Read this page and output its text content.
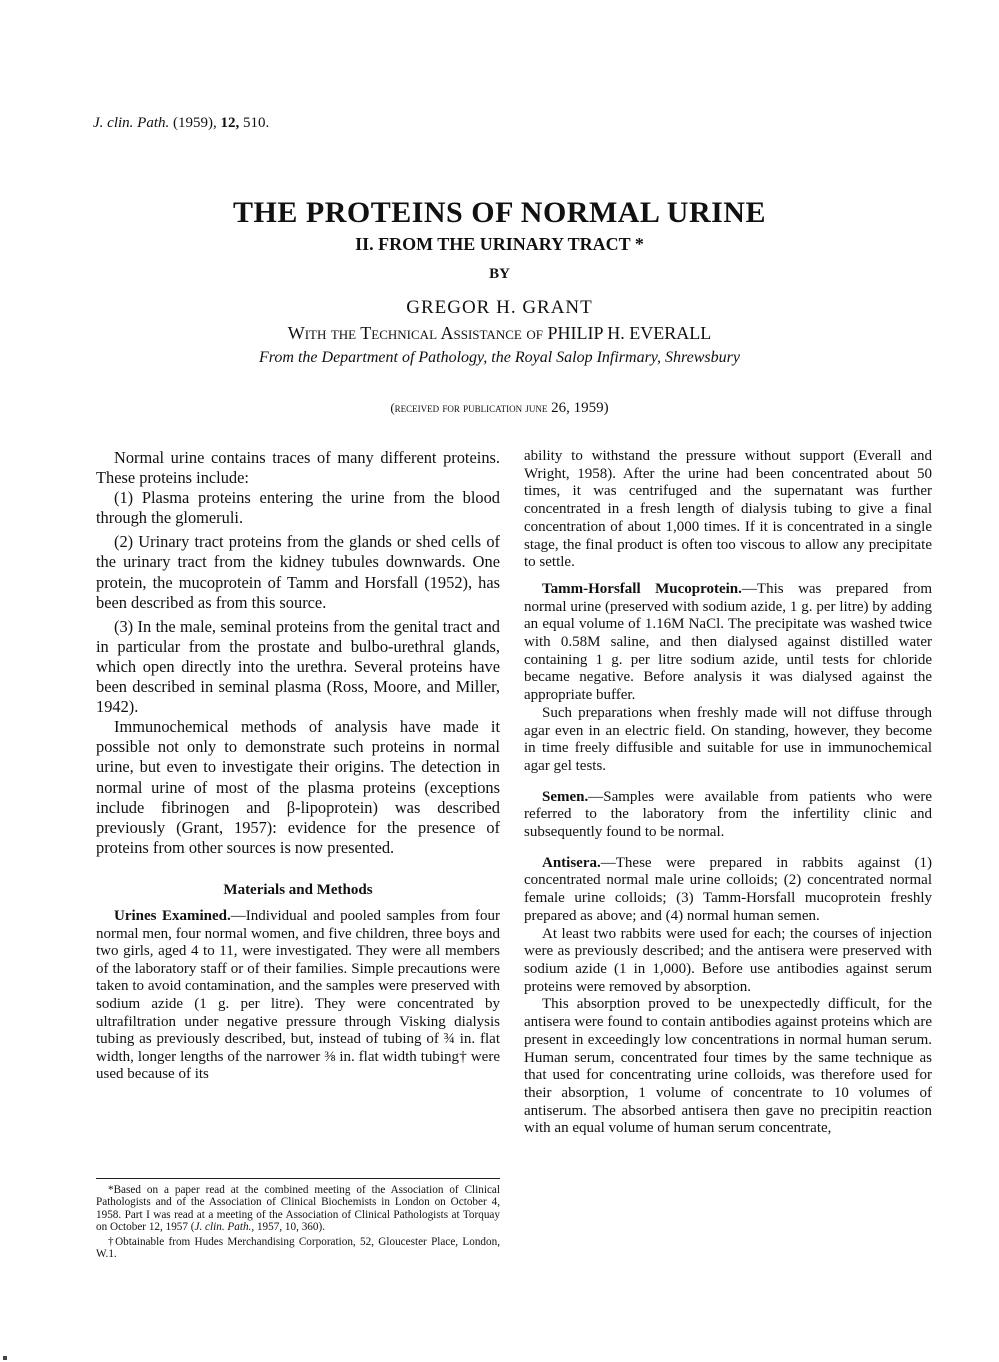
J. clin. Path. (1959), 12, 510.
THE PROTEINS OF NORMAL URINE
II. FROM THE URINARY TRACT *
BY
GREGOR H. GRANT
With the Technical Assistance of PHILIP H. EVERALL
From the Department of Pathology, the Royal Salop Infirmary, Shrewsbury
(received for publication june 26, 1959)

Normal urine contains traces of many different proteins. These proteins include:

(1) Plasma proteins entering the urine from the blood through the glomeruli.

(2) Urinary tract proteins from the glands or shed cells of the urinary tract from the kidney tubules downwards. One protein, the mucoprotein of Tamm and Horsfall (1952), has been described as from this source.

(3) In the male, seminal proteins from the genital tract and in particular from the prostate and bulbo-urethral glands, which open directly into the urethra. Several proteins have been described in seminal plasma (Ross, Moore, and Miller, 1942).

Immunochemical methods of analysis have made it possible not only to demonstrate such proteins in normal urine, but even to investigate their origins. The detection in normal urine of most of the plasma proteins (exceptions include fibrinogen and β-lipoprotein) was described previously (Grant, 1957): evidence for the presence of proteins from other sources is now presented.

Materials and Methods

Urines Examined.—Individual and pooled samples from four normal men, four normal women, and five children, three boys and two girls, aged 4 to 11, were investigated. They were all members of the laboratory staff or of their families. Simple precautions were taken to avoid contamination, and the samples were preserved with sodium azide (1 g. per litre). They were concentrated by ultrafiltration under negative pressure through Visking dialysis tubing as previously described, but, instead of tubing of ¾ in. flat width, longer lengths of the narrower ⅜ in. flat width tubing† were used because of its

*Based on a paper read at the combined meeting of the Association of Clinical Pathologists and of the Association of Clinical Biochemists in London on October 4, 1958. Part I was read at a meeting of the Association of Clinical Pathologists at Torquay on October 12, 1957 (J. clin. Path., 1957, 10, 360).

†Obtainable from Hudes Merchandising Corporation, 52, Gloucester Place, London, W.1.

ability to withstand the pressure without support (Everall and Wright, 1958). After the urine had been concentrated about 50 times, it was centrifuged and the supernatant was further concentrated in a fresh length of dialysis tubing to give a final concentration of about 1,000 times. If it is concentrated in a single stage, the final product is often too viscous to allow any precipitate to settle.

Tamm-Horsfall Mucoprotein.—This was prepared from normal urine (preserved with sodium azide, 1 g. per litre) by adding an equal volume of 1.16M NaCl. The precipitate was washed twice with 0.58M saline, and then dialysed against distilled water containing 1 g. per litre sodium azide, until tests for chloride became negative. Before analysis it was dialysed against the appropriate buffer.

Such preparations when freshly made will not diffuse through agar even in an electric field. On standing, however, they become in time freely diffusible and suitable for use in immunochemical agar gel tests.

Semen.—Samples were available from patients who were referred to the laboratory from the infertility clinic and subsequently found to be normal.

Antisera.—These were prepared in rabbits against (1) concentrated normal male urine colloids; (2) concentrated normal female urine colloids; (3) Tamm-Horsfall mucoprotein freshly prepared as above; and (4) normal human semen.

At least two rabbits were used for each; the courses of injection were as previously described; and the antisera were preserved with sodium azide (1 in 1,000). Before use antibodies against serum proteins were removed by absorption.

This absorption proved to be unexpectedly difficult, for the antisera were found to contain antibodies against proteins which are present in exceedingly low concentrations in normal human serum. Human serum, concentrated four times by the same technique as that used for concentrating urine colloids, was therefore used for their absorption, 1 volume of concentrate to 10 volumes of antiserum. The absorbed antisera then gave no precipitin reaction with an equal volume of human serum concentrate,
